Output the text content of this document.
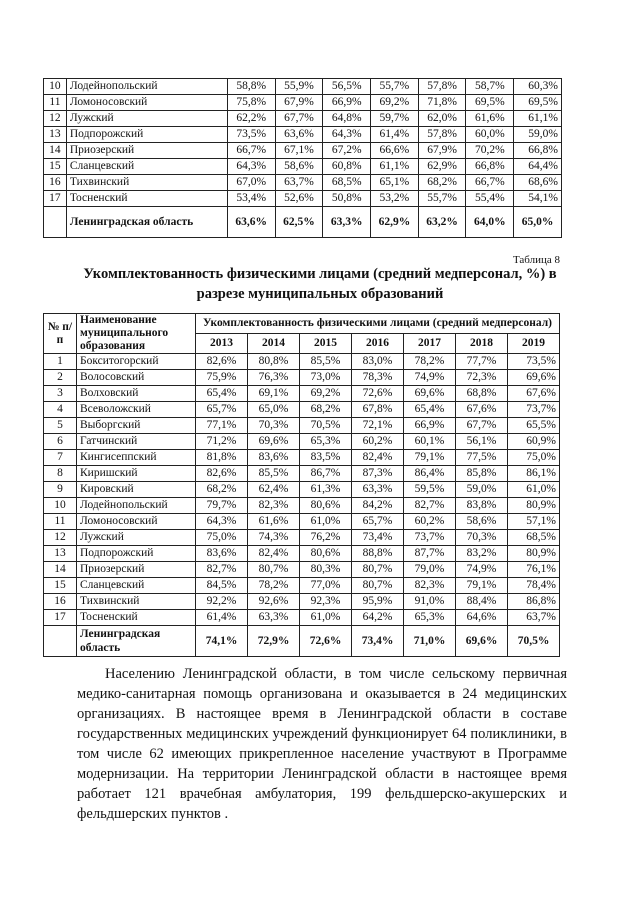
10	Лодейнопольский	58,8%	55,9%	56,5%	55,7%	57,8%	58,7%	60,3%
11	Ломоносовский	75,8%	67,9%	66,9%	69,2%	71,8%	69,5%	69,5%
12	Лужский	62,2%	67,7%	64,8%	59,7%	62,0%	61,6%	61,1%
13	Подпорожский	73,5%	63,6%	64,3%	61,4%	57,8%	60,0%	59,0%
14	Приозерский	66,7%	67,1%	67,2%	66,6%	67,9%	70,2%	66,8%
15	Сланцевский	64,3%	58,6%	60,8%	61,1%	62,9%	66,8%	64,4%
16	Тихвинский	67,0%	63,7%	68,5%	65,1%	68,2%	66,7%	68,6%
17	Тосненский	53,4%	52,6%	50,8%	53,2%	55,7%	55,4%	54,1%
	Ленинградская область	63,6%	62,5%	63,3%	62,9%	63,2%	64,0%	65,0%
Таблица 8
Укомплектованность физическими лицами (средний медперсонал, %) в разрезе муниципальных образований
№ п/п	Наименование муниципального образования	Укомплектованность физическими лицами (средний медперсонал)						
		2013	2014	2015	2016	2017	2018	2019
1	Бокситогорский	82,6%	80,8%	85,5%	83,0%	78,2%	77,7%	73,5%
2	Волосовский	75,9%	76,3%	73,0%	78,3%	74,9%	72,3%	69,6%
3	Волховский	65,4%	69,1%	69,2%	72,6%	69,6%	68,8%	67,6%
4	Всеволожский	65,7%	65,0%	68,2%	67,8%	65,4%	67,6%	73,7%
5	Выборгский	77,1%	70,3%	70,5%	72,1%	66,9%	67,7%	65,5%
6	Гатчинский	71,2%	69,6%	65,3%	60,2%	60,1%	56,1%	60,9%
7	Кингисеппский	81,8%	83,6%	83,5%	82,4%	79,1%	77,5%	75,0%
8	Киришский	82,6%	85,5%	86,7%	87,3%	86,4%	85,8%	86,1%
9	Кировский	68,2%	62,4%	61,3%	63,3%	59,5%	59,0%	61,0%
10	Лодейнопольский	79,7%	82,3%	80,6%	84,2%	82,7%	83,8%	80,9%
11	Ломоносовский	64,3%	61,6%	61,0%	65,7%	60,2%	58,6%	57,1%
12	Лужский	75,0%	74,3%	76,2%	73,4%	73,7%	70,3%	68,5%
13	Подпорожский	83,6%	82,4%	80,6%	88,8%	87,7%	83,2%	80,9%
14	Приозерский	82,7%	80,7%	80,3%	80,7%	79,0%	74,9%	76,1%
15	Сланцевский	84,5%	78,2%	77,0%	80,7%	82,3%	79,1%	78,4%
16	Тихвинский	92,2%	92,6%	92,3%	95,9%	91,0%	88,4%	86,8%
17	Тосненский	61,4%	63,3%	61,0%	64,2%	65,3%	64,6%	63,7%
	Ленинградская область	74,1%	72,9%	72,6%	73,4%	71,0%	69,6%	70,5%
Населению Ленинградской области, в том числе сельскому первичная медико-санитарная помощь организована и оказывается в 24 медицинских организациях. В настоящее время в Ленинградской области в составе государственных медицинских учреждений функционирует 64 поликлиники, в том числе 62 имеющих прикрепленное население участвуют в Программе модернизации. На территории Ленинградской области в настоящее время работает 121 врачебная амбулатория, 199 фельдшерско-акушерских и фельдшерских пунктов .
